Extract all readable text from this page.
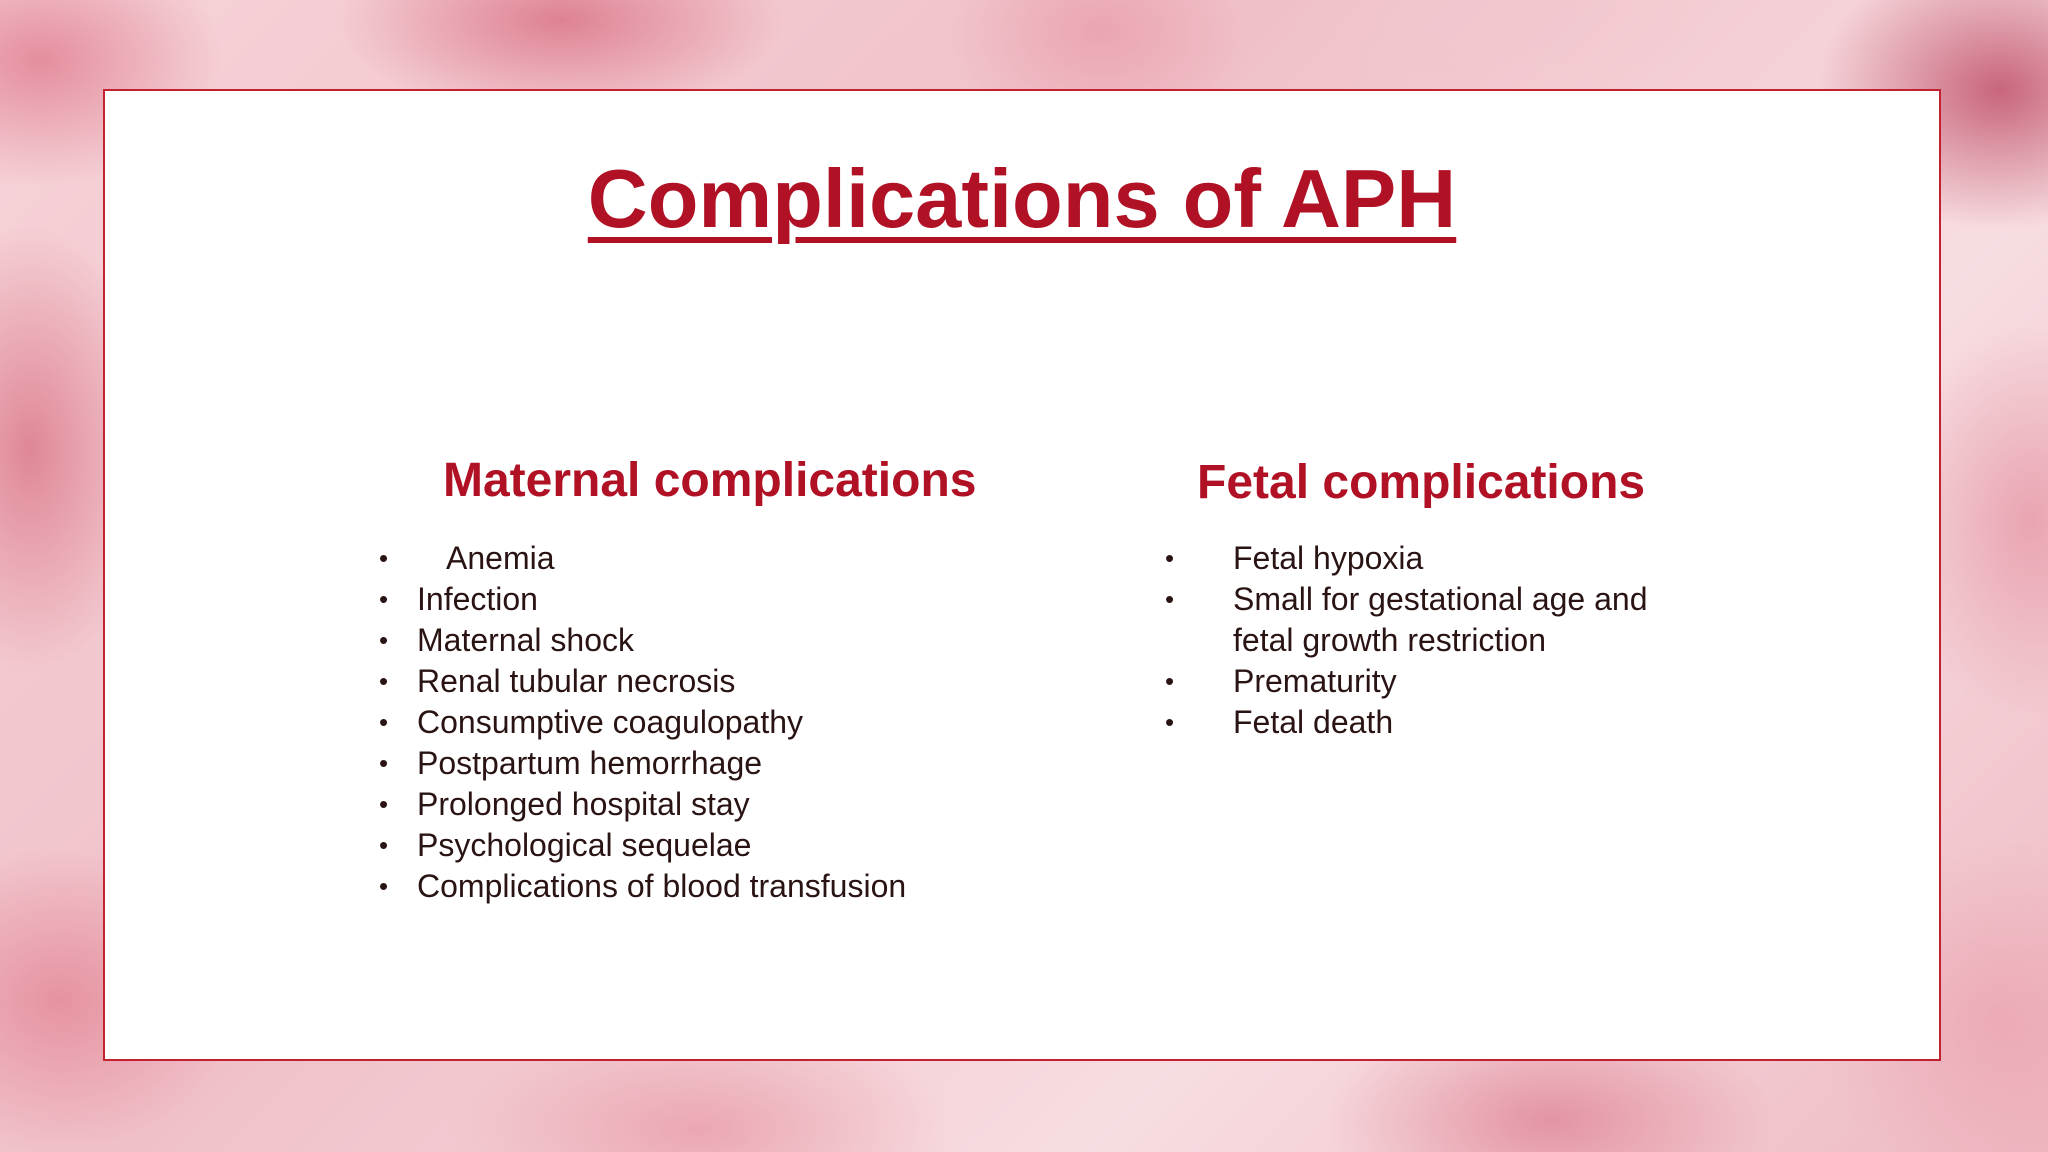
Complications of APH
Maternal complications
• Anemia
• Infection
• Maternal shock
• Renal tubular necrosis
• Consumptive coagulopathy
• Postpartum hemorrhage
• Prolonged hospital stay
• Psychological sequelae
• Complications of blood transfusion
Fetal complications
• Fetal hypoxia
• Small for gestational age and
fetal growth restriction
• Prematurity
• Fetal death
